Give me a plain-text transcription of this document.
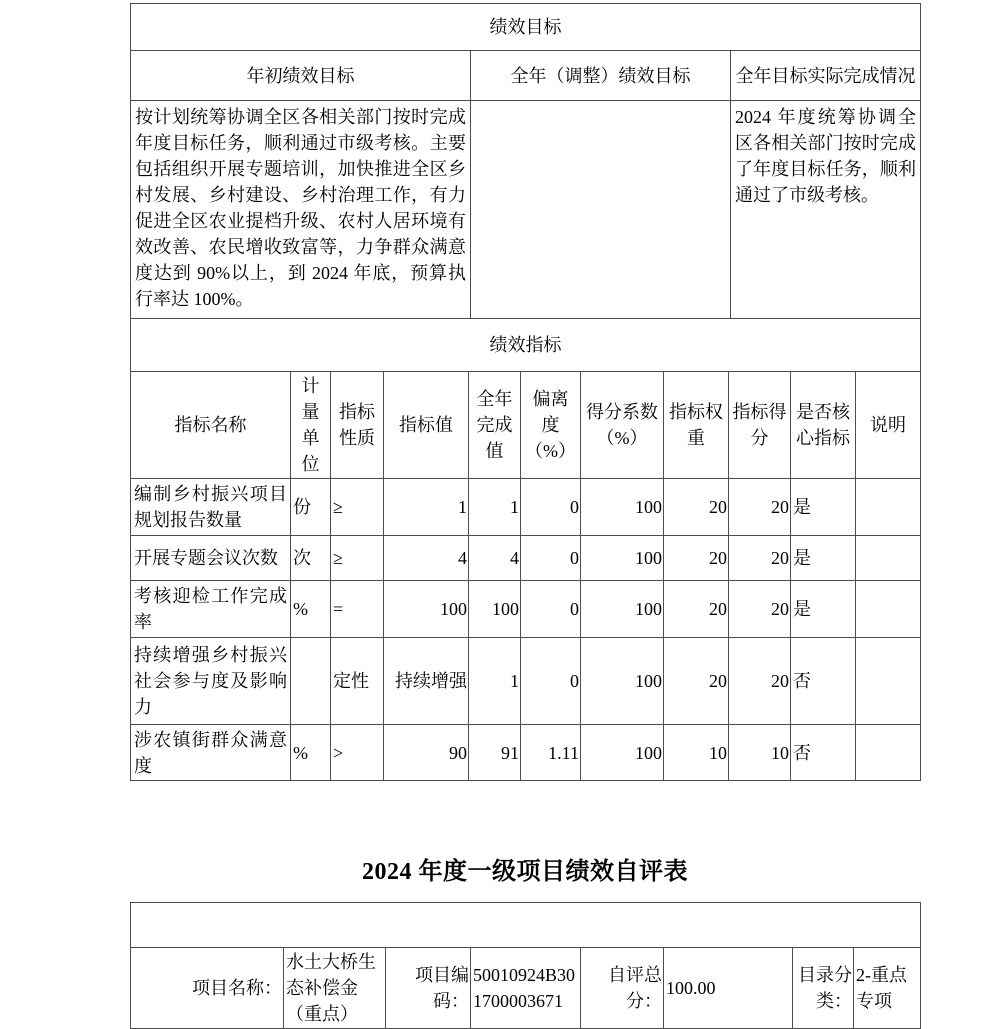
绩效目标		
年初绩效目标	全年（调整）绩效目标	全年目标实际完成情况
按计划统筹协调全区各相关部门按时完成年度目标任务，顺利通过市级考核。主要包括组织开展专题培训，加快推进全区乡村发展、乡村建设、乡村治理工作，有力促进全区农业提档升级、农村人居环境有效改善、农民增收致富等，力争群众满意度达到 90%以上，到 2024 年底，预算执行率达 100%。		2024 年度统筹协调全区各相关部门按时完成了年度目标任务，顺利通过了市级考核。
绩效指标										
指标名称	计量单位	指标性质	指标值	全年完成值	偏离度（%）	得分系数（%）	指标权重	指标得分	是否核心指标	说明
编制乡村振兴项目规划报告数量	份	≥	1	1	0	100	20	20	是	
开展专题会议次数	次	≥	4	4	0	100	20	20	是	
考核迎检工作完成率	%	=	100	100	0	100	20	20	是	
持续增强乡村振兴社会参与度及影响力		定性	持续增强	1	0	100	20	20	否	
涉农镇街群众满意度	%	>	90	91	1.11	100	10	10	否	
2024 年度一级项目绩效自评表

项目名称：	水土大桥生态补偿金（重点）	项目编码：	50010924B301700003671	自评总分：	100.00	目录分类：	2-重点专项
